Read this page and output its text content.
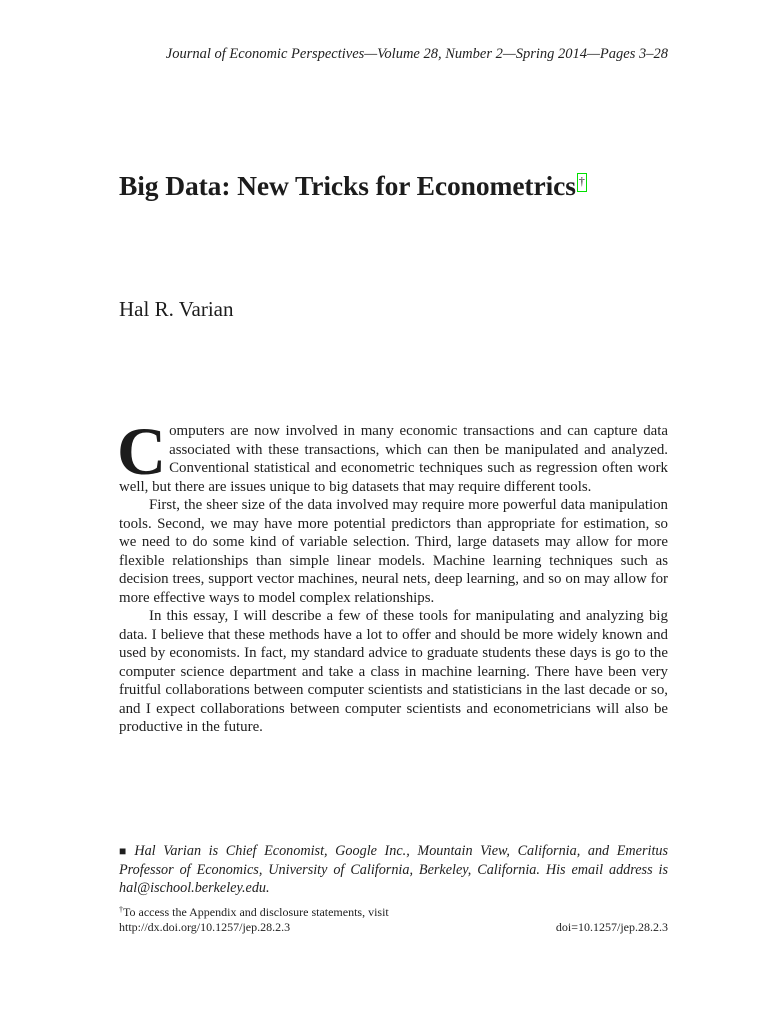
Journal of Economic Perspectives—Volume 28, Number 2—Spring 2014—Pages 3–28
Big Data: New Tricks for Econometrics †
Hal R. Varian

Computers are now involved in many economic transactions and can capture data associated with these transactions, which can then be manipulated and analyzed. Conventional statistical and econometric techniques such as regression often work well, but there are issues unique to big datasets that may require different tools.

First, the sheer size of the data involved may require more powerful data manipulation tools. Second, we may have more potential predictors than appropriate for estimation, so we need to do some kind of variable selection. Third, large datasets may allow for more flexible relationships than simple linear models. Machine learning techniques such as decision trees, support vector machines, neural nets, deep learning, and so on may allow for more effective ways to model complex relationships.

In this essay, I will describe a few of these tools for manipulating and analyzing big data. I believe that these methods have a lot to offer and should be more widely known and used by economists. In fact, my standard advice to graduate students these days is go to the computer science department and take a class in machine learning. There have been very fruitful collaborations between computer scientists and statisticians in the last decade or so, and I expect collaborations between computer scientists and econometricians will also be productive in the future.

■ Hal Varian is Chief Economist, Google Inc., Mountain View, California, and Emeritus Professor of Economics, University of California, Berkeley, California. His email address is hal@ischool.berkeley.edu.

†To access the Appendix and disclosure statements, visit
http://dx.doi.org/10.1257/jep.28.2.3	doi=10.1257/jep.28.2.3
